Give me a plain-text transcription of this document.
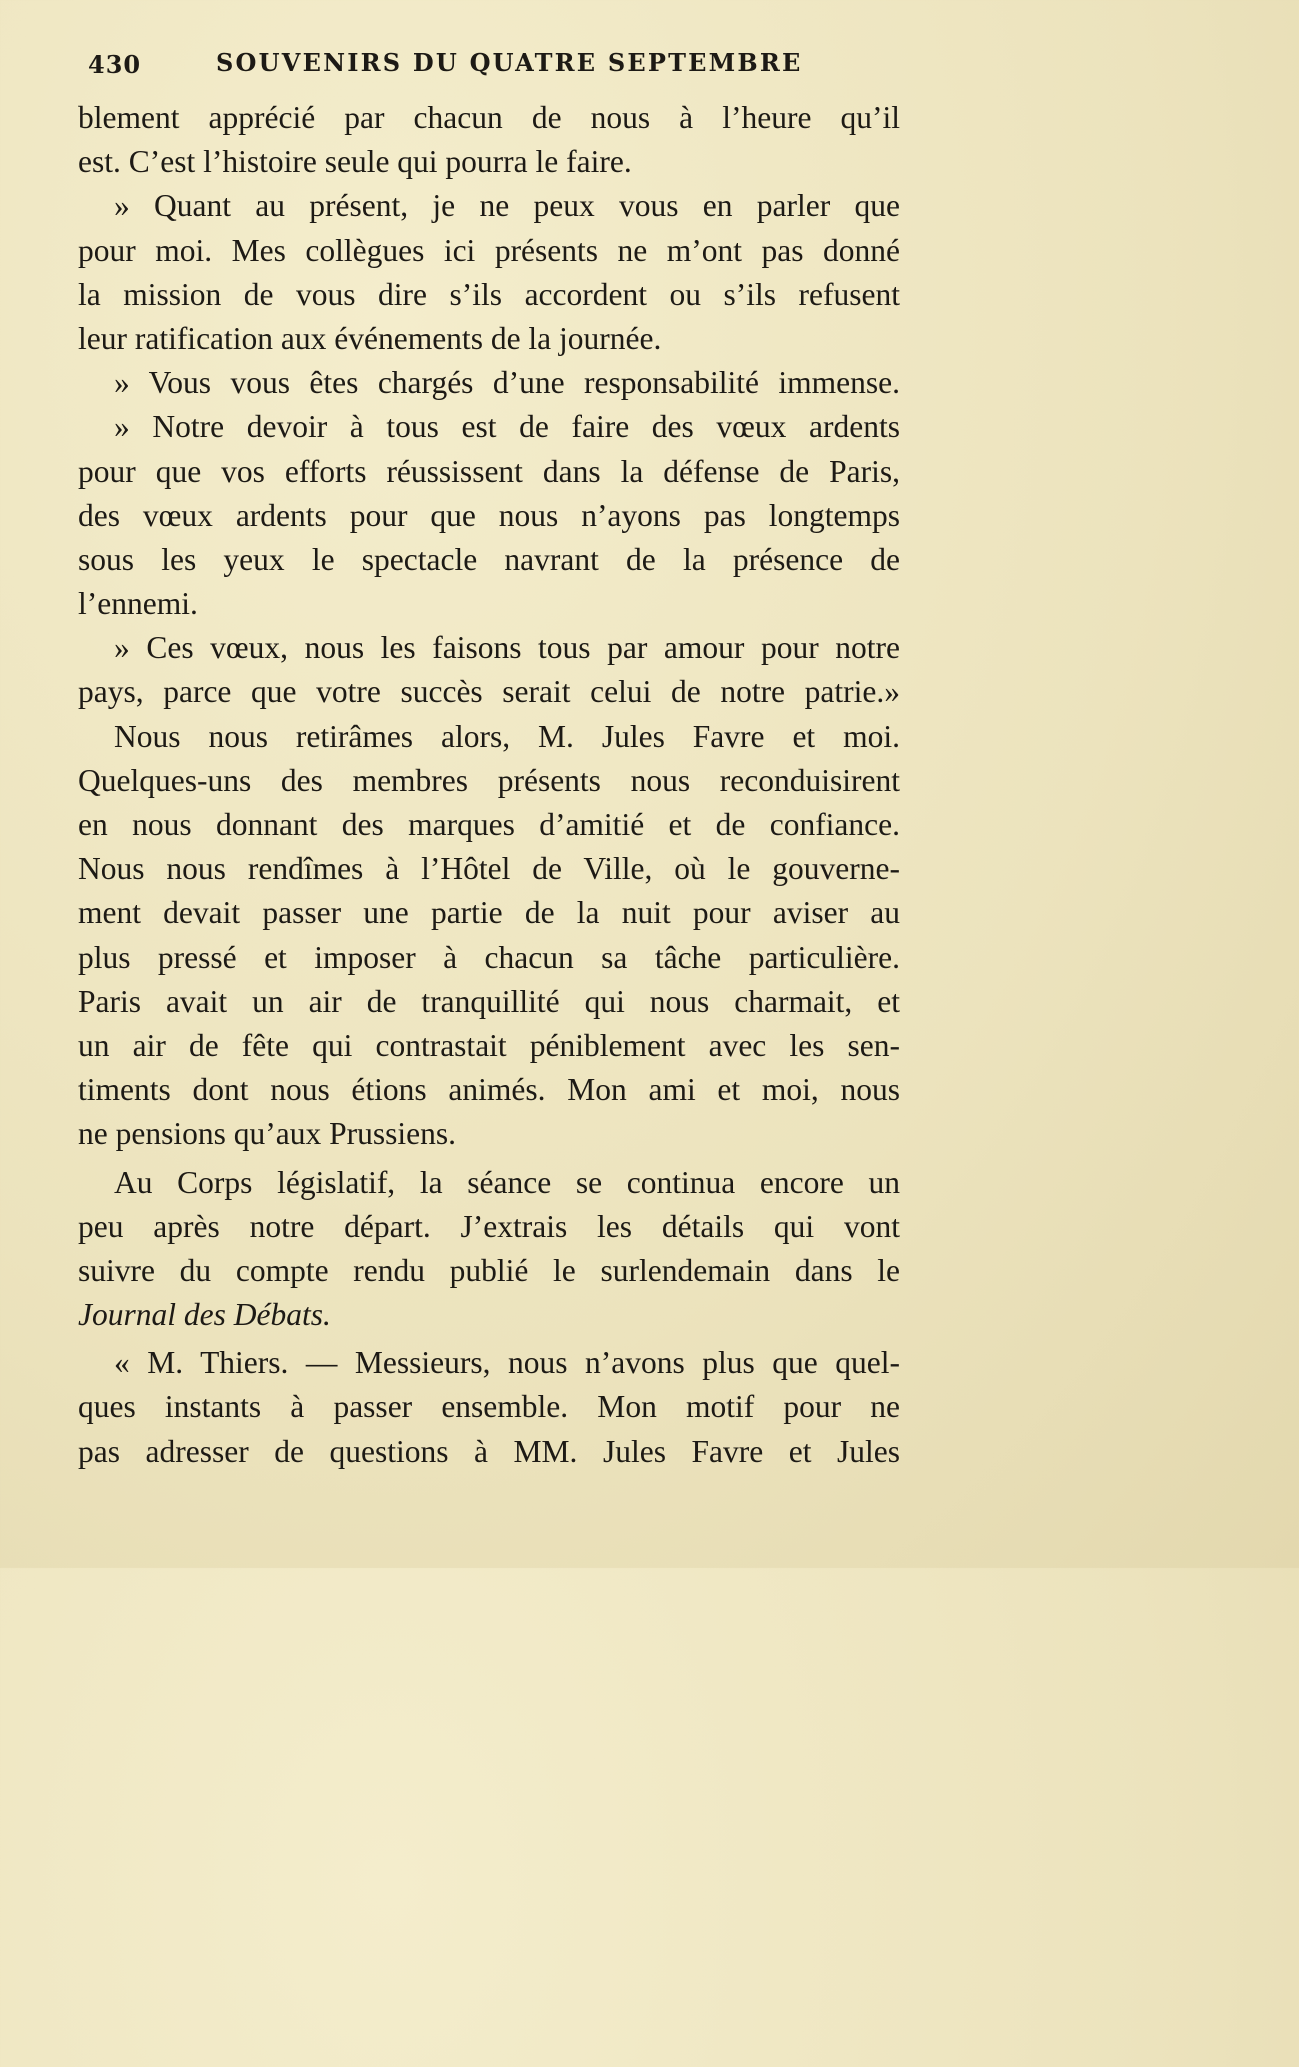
430	SOUVENIRS DU QUATRE SEPTEMBRE
blement apprécié par chacun de nous à l’heure qu’il
est. C’est l’histoire seule qui pourra le faire.
» Quant au présent, je ne peux vous en parler que
pour moi. Mes collègues ici présents ne m’ont pas donné
la mission de vous dire s’ils accordent ou s’ils refusent
leur ratification aux événements de la journée.
» Vous vous êtes chargés d’une responsabilité immense.
» Notre devoir à tous est de faire des vœux ardents
pour que vos efforts réussissent dans la défense de Paris,
des vœux ardents pour que nous n’ayons pas longtemps
sous les yeux le spectacle navrant de la présence de
l’ennemi.
» Ces vœux, nous les faisons tous par amour pour notre
pays, parce que votre succès serait celui de notre patrie.»
Nous nous retirâmes alors, M. Jules Favre et moi.
Quelques-uns des membres présents nous reconduisirent
en nous donnant des marques d’amitié et de confiance.
Nous nous rendîmes à l’Hôtel de Ville, où le gouverne-
ment devait passer une partie de la nuit pour aviser au
plus pressé et imposer à chacun sa tâche particulière.
Paris avait un air de tranquillité qui nous charmait, et
un air de fête qui contrastait péniblement avec les sen-
timents dont nous étions animés. Mon ami et moi, nous
ne pensions qu’aux Prussiens.
Au Corps législatif, la séance se continua encore un
peu après notre départ. J’extrais les détails qui vont
suivre du compte rendu publié le surlendemain dans le
Journal des Débats.
« M. Thiers. — Messieurs, nous n’avons plus que quel-
ques instants à passer ensemble. Mon motif pour ne
pas adresser de questions à MM. Jules Favre et Jules
